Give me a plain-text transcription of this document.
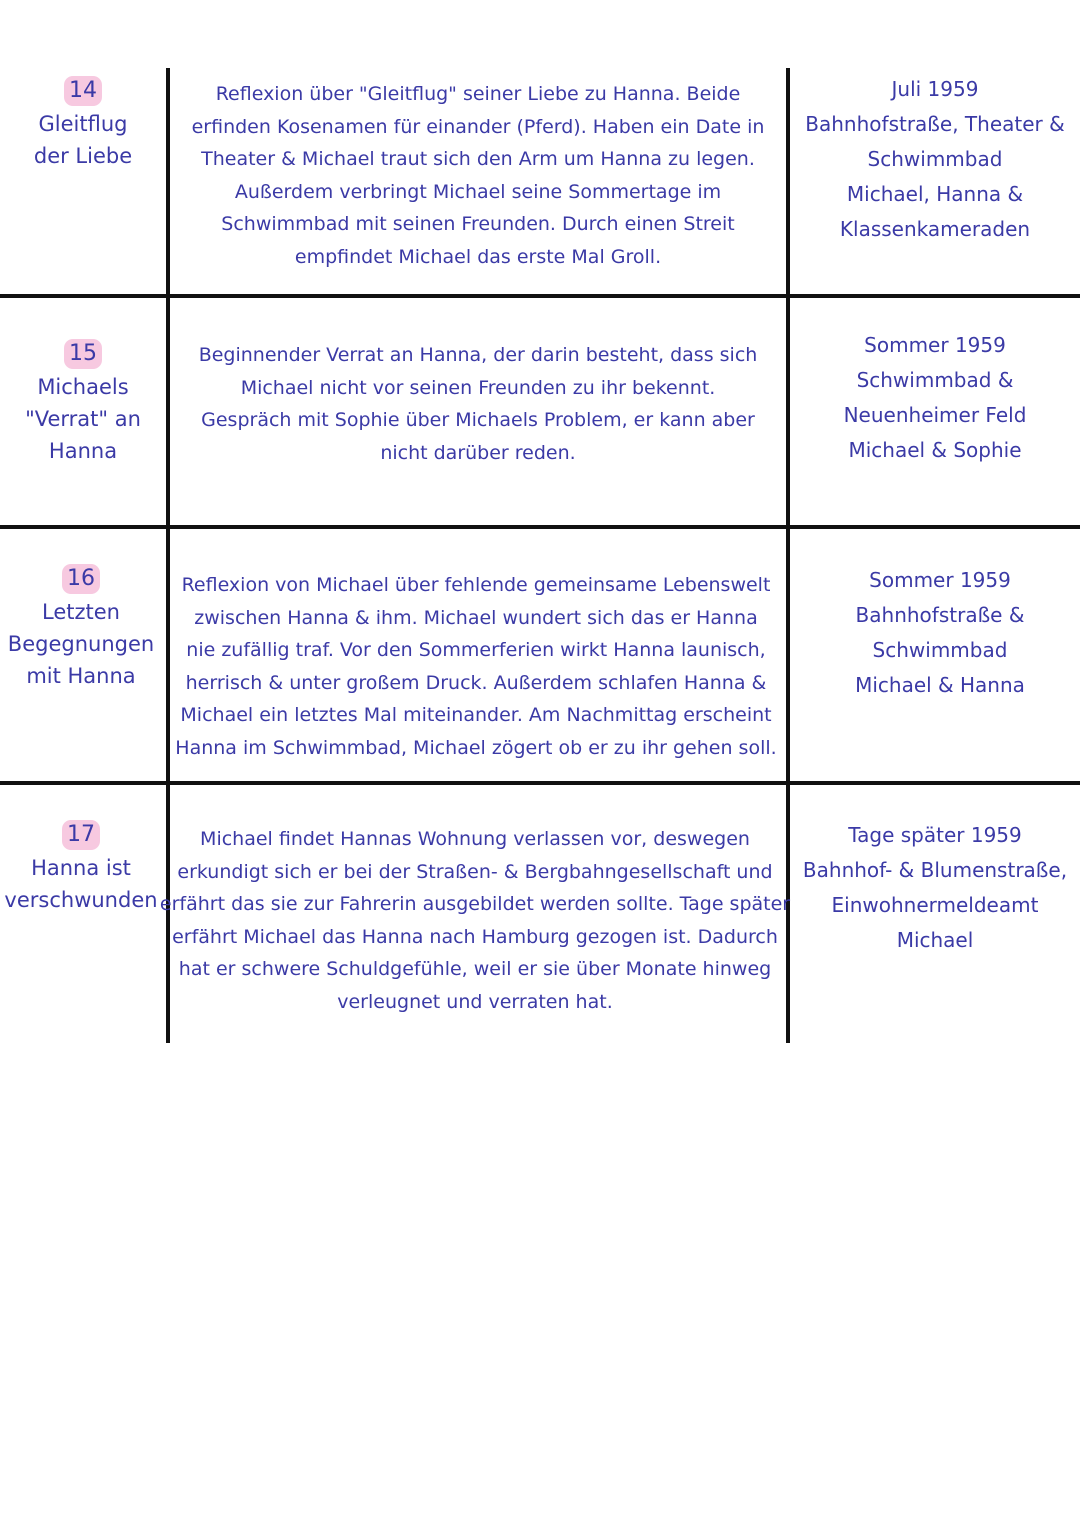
14
Gleitflug
der Liebe
Reflexion über "Gleitflug" seiner Liebe zu Hanna. Beide
erfinden Kosenamen für einander (Pferd). Haben ein Date in
Theater & Michael traut sich den Arm um Hanna zu legen.
Außerdem verbringt Michael seine Sommertage im
Schwimmbad mit seinen Freunden. Durch einen Streit
empfindet Michael das erste Mal Groll.
Juli 1959
Bahnhofstraße, Theater &
Schwimmbad
Michael, Hanna &
Klassenkameraden
15
Michaels
"Verrat" an
Hanna
Beginnender Verrat an Hanna, der darin besteht, dass sich
Michael nicht vor seinen Freunden zu ihr bekennt.
Gespräch mit Sophie über Michaels Problem, er kann aber
nicht darüber reden.
Sommer 1959
Schwimmbad &
Neuenheimer Feld
Michael & Sophie
16
Letzten
Begegnungen
mit Hanna
Reflexion von Michael über fehlende gemeinsame Lebenswelt
zwischen Hanna & ihm. Michael wundert sich das er Hanna
nie zufällig traf. Vor den Sommerferien wirkt Hanna launisch,
herrisch & unter großem Druck. Außerdem schlafen Hanna &
Michael ein letztes Mal miteinander. Am Nachmittag erscheint
Hanna im Schwimmbad, Michael zögert ob er zu ihr gehen soll.
Sommer 1959
Bahnhofstraße &
Schwimmbad
Michael & Hanna
17
Hanna ist
verschwunden
Michael findet Hannas Wohnung verlassen vor, deswegen
erkundigt sich er bei der Straßen- & Bergbahngesellschaft und
erfährt das sie zur Fahrerin ausgebildet werden sollte. Tage später
erfährt Michael das Hanna nach Hamburg gezogen ist. Dadurch
hat er schwere Schuldgefühle, weil er sie über Monate hinweg
verleugnet und verraten hat.
Tage später 1959
Bahnhof- & Blumenstraße,
Einwohnermeldeamt
Michael
